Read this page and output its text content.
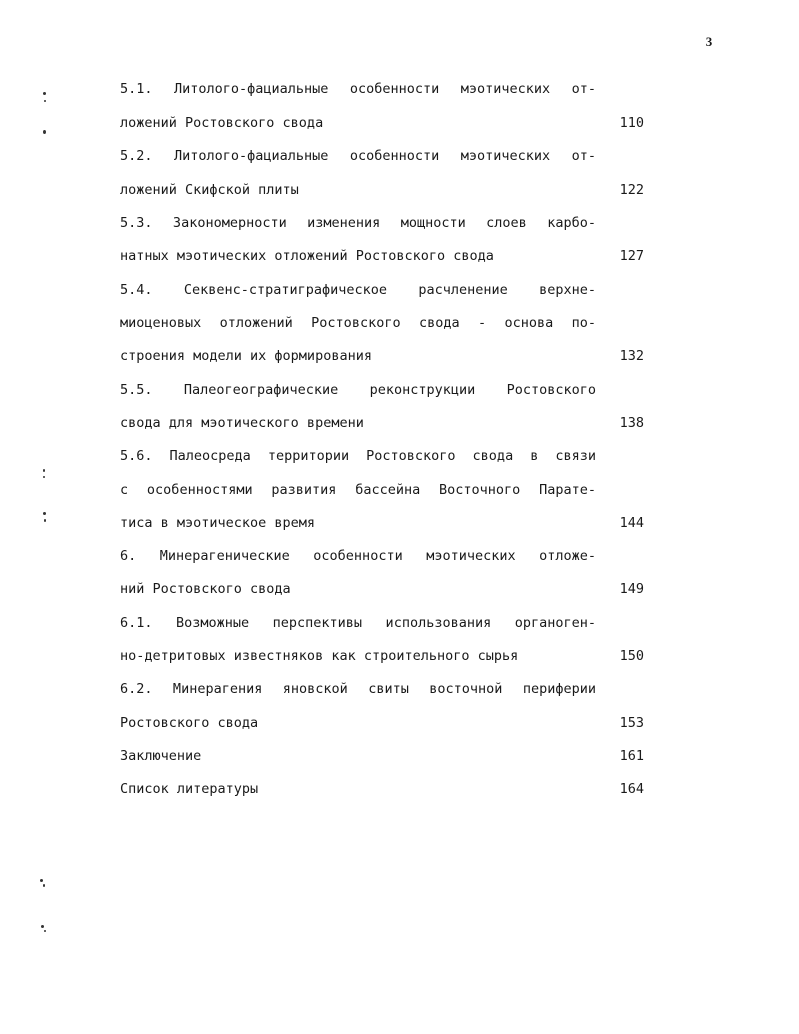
3
5.1. Литолого-фациальные особенности мэотических от-
ложений Ростовского свода	110
5.2. Литолого-фациальные особенности мэотических от-
ложений Скифской плиты	122
5.3. Закономерности изменения мощности слоев карбо-
натных мэотических отложений Ростовского свода	127
5.4. Секвенс-стратиграфическое расчленение верхне-
миоценовых отложений Ростовского свода - основа по-
строения модели их формирования	132
5.5. Палеогеографические реконструкции Ростовского
свода для мэотического времени	138
5.6. Палеосреда территории Ростовского свода в связи
с особенностями развития бассейна Восточного Парате-
тиса в мэотическое время	144
6. Минерагенические особенности мэотических отложе-
ний Ростовского свода	149
6.1. Возможные перспективы использования органоген-
но-детритовых известняков как строительного сырья	150
6.2. Минерагения яновской свиты восточной периферии
Ростовского свода	153
Заключение	161
Список литературы	164
